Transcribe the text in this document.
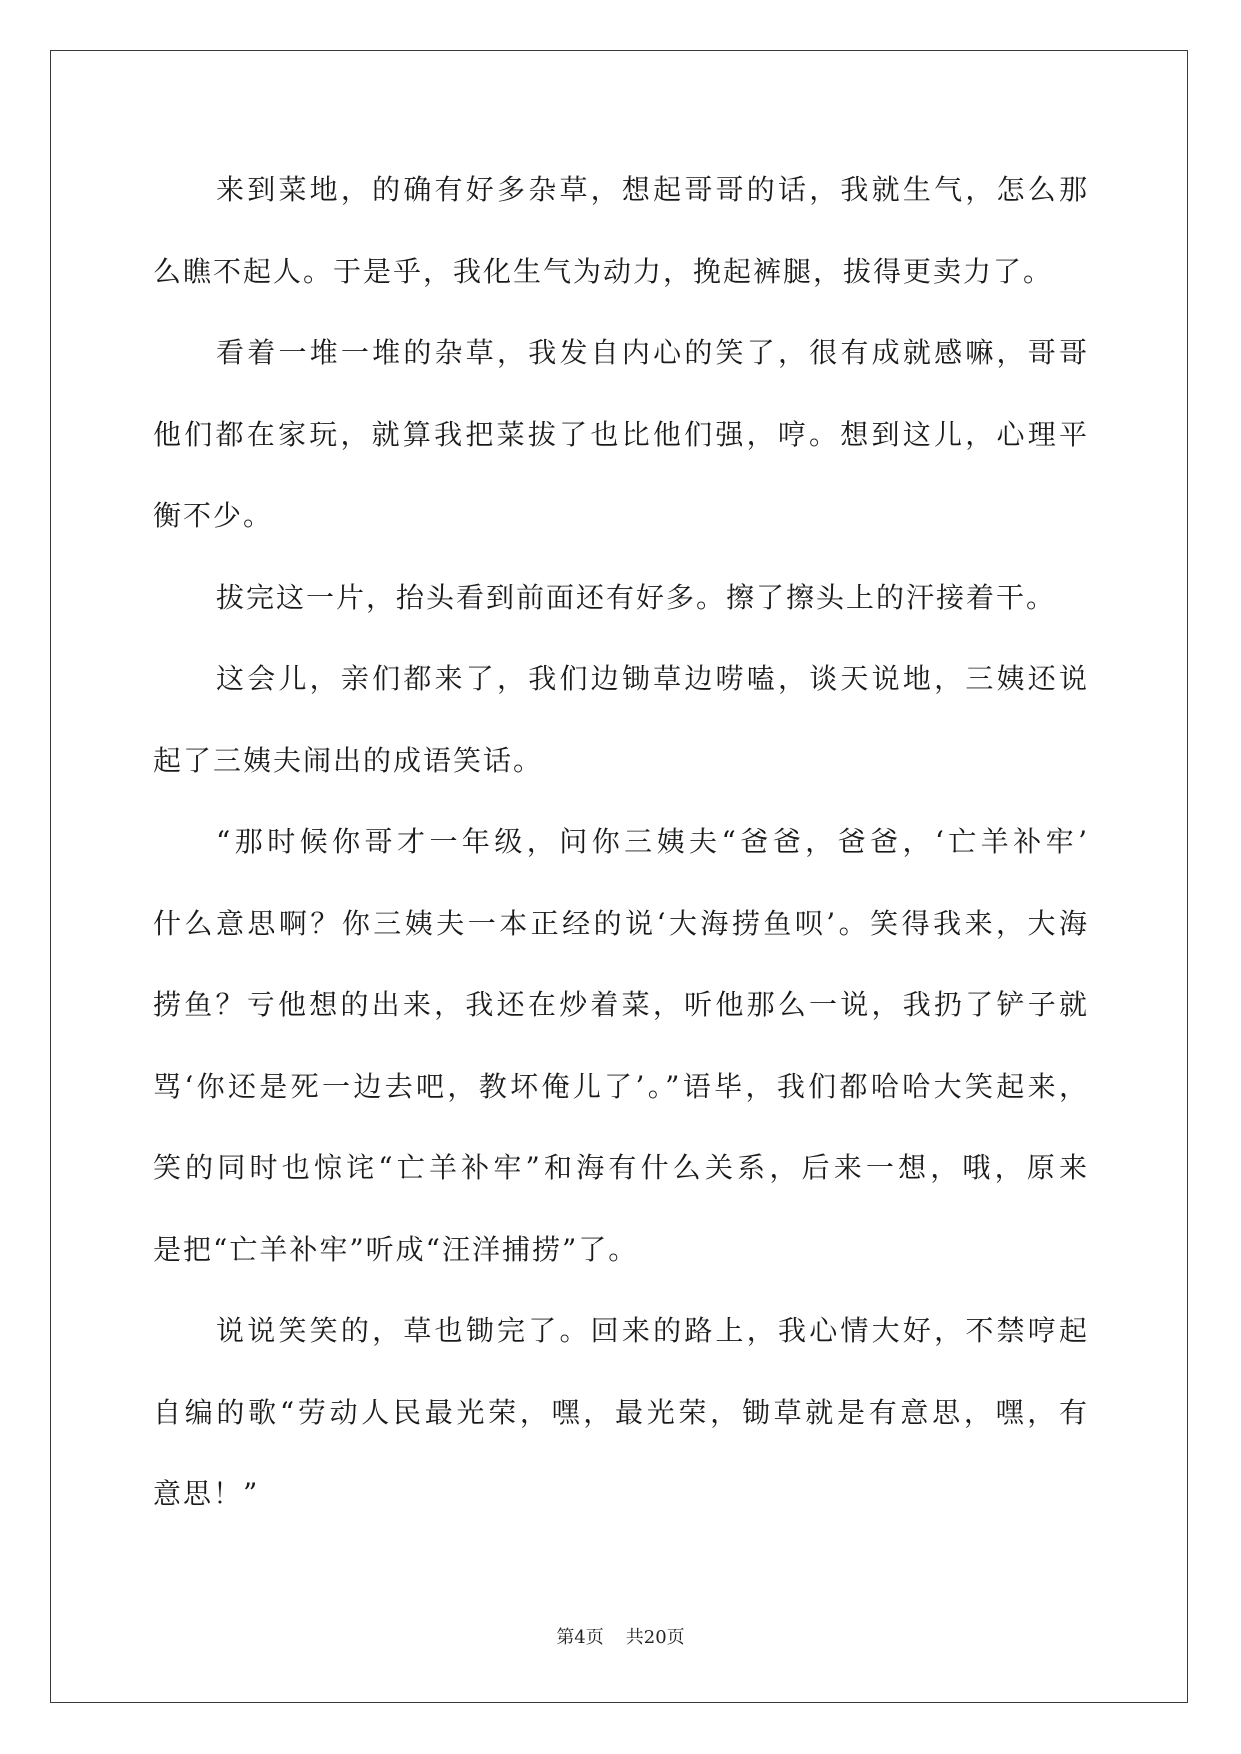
来到菜地，的确有好多杂草，想起哥哥的话，我就生气，怎么那
么瞧不起人。于是乎，我化生气为动力，挽起裤腿，拔得更卖力了。
看着一堆一堆的杂草，我发自内心的笑了，很有成就感嘛，哥哥
他们都在家玩，就算我把菜拔了也比他们强，哼。想到这儿，心理平
衡不少。
拔完这一片，抬头看到前面还有好多。擦了擦头上的汗接着干。
这会儿，亲们都来了，我们边锄草边唠嗑，谈天说地，三姨还说
起了三姨夫闹出的成语笑话。
“那时候你哥才一年级，问你三姨夫“爸爸，爸爸，‘亡羊补牢’
什么意思啊？你三姨夫一本正经的说‘大海捞鱼呗’。笑得我来，大海
捞鱼？亏他想的出来，我还在炒着菜，听他那么一说，我扔了铲子就
骂‘你还是死一边去吧，教坏俺儿了’。”语毕，我们都哈哈大笑起来，
笑的同时也惊诧“亡羊补牢”和海有什么关系，后来一想，哦，原来
是把“亡羊补牢”听成“汪洋捕捞”了。
说说笑笑的，草也锄完了。回来的路上，我心情大好，不禁哼起
自编的歌“劳动人民最光荣，嘿，最光荣，锄草就是有意思，嘿，有
意思！”
第4页 共20页
